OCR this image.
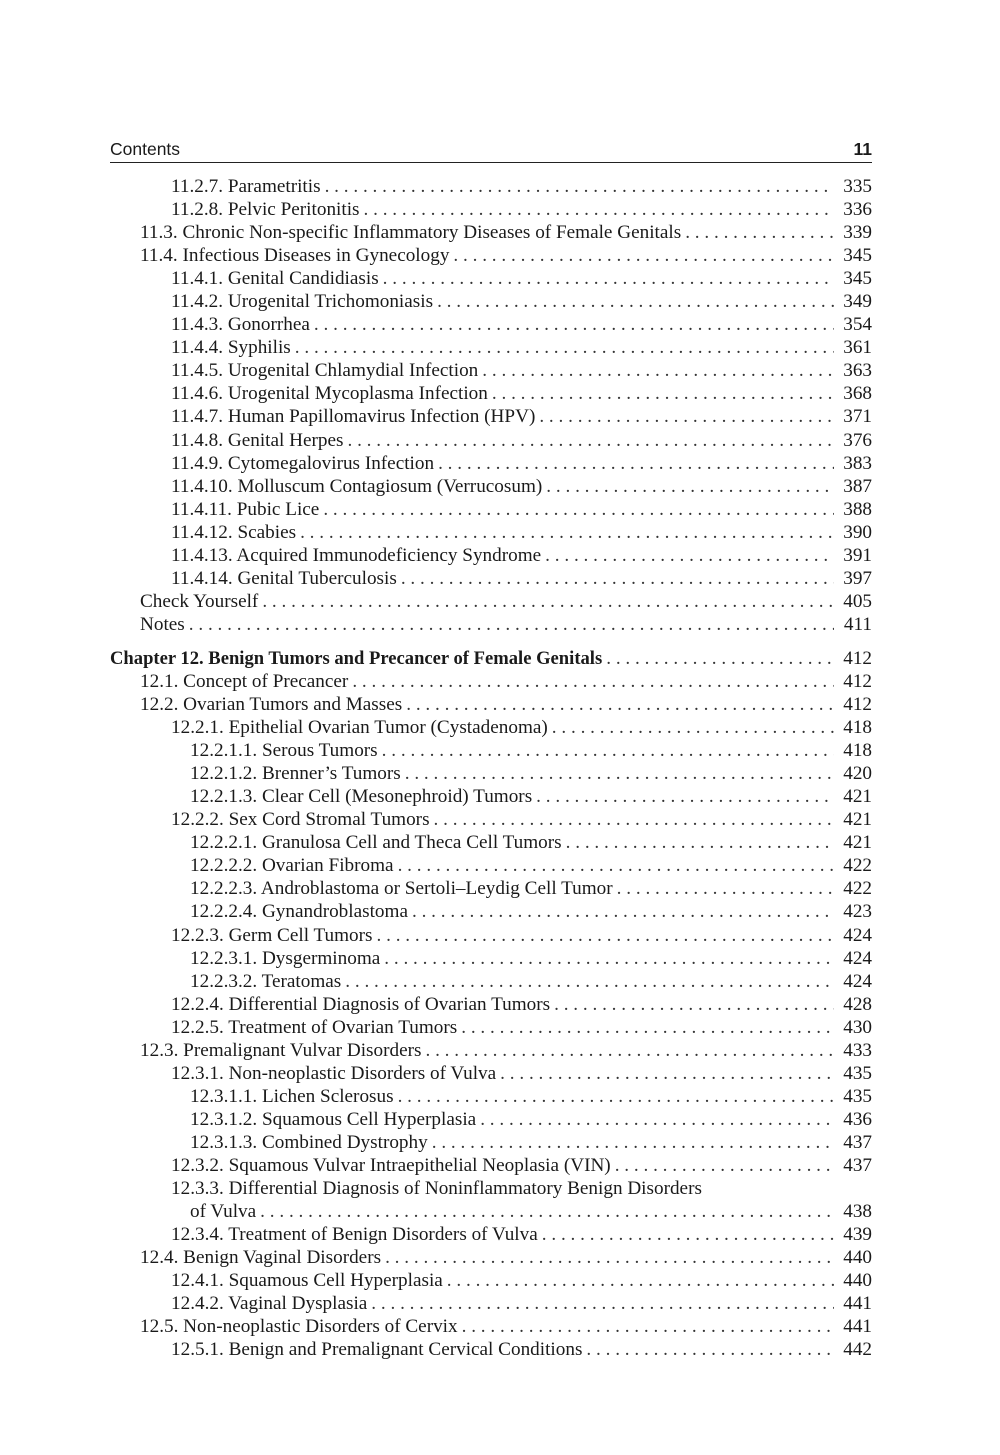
Contents	11
11.2.7. Parametritis . . .	335
11.2.8. Pelvic Peritonitis . . .	336
11.3. Chronic Non-specific Inflammatory Diseases of Female Genitals . . .	339
11.4. Infectious Diseases in Gynecology . . .	345
11.4.1. Genital Candidiasis . . .	345
11.4.2. Urogenital Trichomoniasis . . .	349
11.4.3. Gonorrhea . . .	354
11.4.4. Syphilis . . .	361
11.4.5. Urogenital Chlamydial Infection . . .	363
11.4.6. Urogenital Mycoplasma Infection . . .	368
11.4.7. Human Papillomavirus Infection (HPV) . . .	371
11.4.8. Genital Herpes . . .	376
11.4.9. Cytomegalovirus Infection . . .	383
11.4.10. Molluscum Contagiosum (Verrucosum) . . .	387
11.4.11. Pubic Lice . . .	388
11.4.12. Scabies . . .	390
11.4.13. Acquired Immunodeficiency Syndrome . . .	391
11.4.14. Genital Tuberculosis . . .	397
Check Yourself . . .	405
Notes . . .	411
Chapter 12. Benign Tumors and Precancer of Female Genitals . . .	412
12.1. Concept of Precancer . . .	412
12.2. Ovarian Tumors and Masses . . .	412
12.2.1. Epithelial Ovarian Tumor (Cystadenoma) . . .	418
12.2.1.1. Serous Tumors . . .	418
12.2.1.2. Brenner’s Tumors . . .	420
12.2.1.3. Clear Cell (Mesonephroid) Tumors . . .	421
12.2.2. Sex Cord Stromal Tumors . . .	421
12.2.2.1. Granulosa Cell and Theca Cell Tumors . . .	421
12.2.2.2. Ovarian Fibroma . . .	422
12.2.2.3. Androblastoma or Sertoli–Leydig Cell Tumor . . .	422
12.2.2.4. Gynandroblastoma . . .	423
12.2.3. Germ Cell Tumors . . .	424
12.2.3.1. Dysgerminoma . . .	424
12.2.3.2. Teratomas . . .	424
12.2.4. Differential Diagnosis of Ovarian Tumors . . .	428
12.2.5. Treatment of Ovarian Tumors . . .	430
12.3. Premalignant Vulvar Disorders . . .	433
12.3.1. Non-neoplastic Disorders of Vulva . . .	435
12.3.1.1. Lichen Sclerosus . . .	435
12.3.1.2. Squamous Cell Hyperplasia . . .	436
12.3.1.3. Combined Dystrophy . . .	437
12.3.2. Squamous Vulvar Intraepithelial Neoplasia (VIN) . . .	437
12.3.3. Differential Diagnosis of Noninflammatory Benign Disorders
of Vulva . . .	438
12.3.4. Treatment of Benign Disorders of Vulva . . .	439
12.4. Benign Vaginal Disorders . . .	440
12.4.1. Squamous Cell Hyperplasia . . .	440
12.4.2. Vaginal Dysplasia . . .	441
12.5. Non-neoplastic Disorders of Cervix . . .	441
12.5.1. Benign and Premalignant Cervical Conditions . . .	442
